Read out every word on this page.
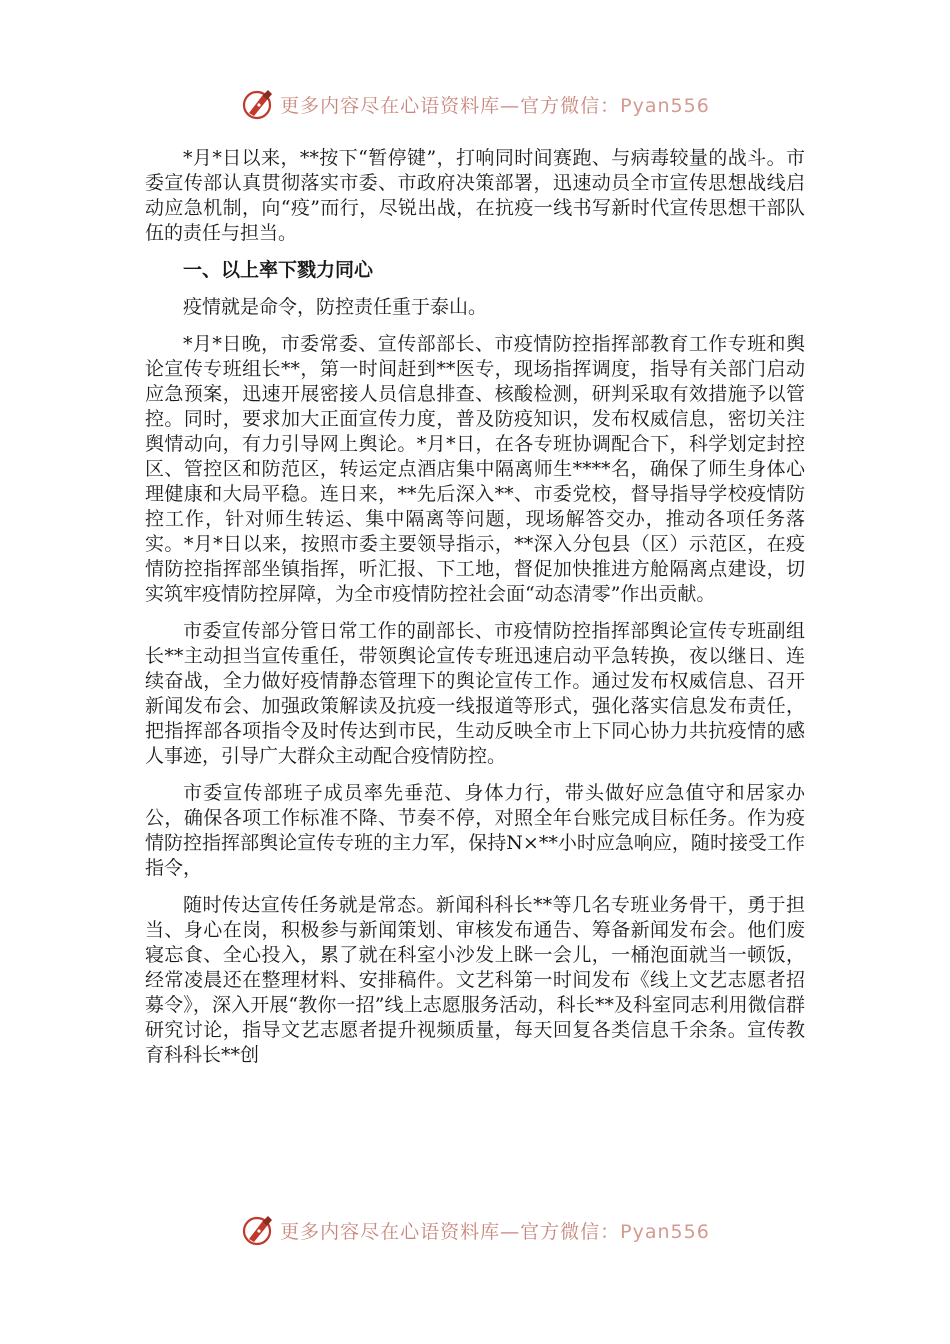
更多内容尽在心语资料库—官方微信：Pyan556

*月*日以来，**按下“暂停键”，打响同时间赛跑、与病毒较量的战斗。市委宣传部认真贯彻落实市委、市政府决策部署，迅速动员全市宣传思想战线启动应急机制，向“疫”而行，尽锐出战，在抗疫一线书写新时代宣传思想干部队伍的责任与担当。

一、以上率下戮力同心

疫情就是命令，防控责任重于泰山。

*月*日晚，市委常委、宣传部部长、市疫情防控指挥部教育工作专班和舆论宣传专班组长**，第一时间赶到**医专，现场指挥调度，指导有关部门启动应急预案，迅速开展密接人员信息排查、核酸检测，研判采取有效措施予以管控。同时，要求加大正面宣传力度，普及防疫知识，发布权威信息，密切关注舆情动向，有力引导网上舆论。*月*日，在各专班协调配合下，科学划定封控区、管控区和防范区，转运定点酒店集中隔离师生****名，确保了师生身体心理健康和大局平稳。连日来，**先后深入**、市委党校，督导指导学校疫情防控工作，针对师生转运、集中隔离等问题，现场解答交办，推动各项任务落实。*月*日以来，按照市委主要领导指示，**深入分包县（区）示范区，在疫情防控指挥部坐镇指挥，听汇报、下工地，督促加快推进方舱隔离点建设，切实筑牢疫情防控屏障，为全市疫情防控社会面“动态清零”作出贡献。

市委宣传部分管日常工作的副部长、市疫情防控指挥部舆论宣传专班副组长**主动担当宣传重任，带领舆论宣传专班迅速启动平急转换，夜以继日、连续奋战，全力做好疫情静态管理下的舆论宣传工作。通过发布权威信息、召开新闻发布会、加强政策解读及抗疫一线报道等形式，强化落实信息发布责任，把指挥部各项指令及时传达到市民，生动反映全市上下同心协力共抗疫情的感人事迹，引导广大群众主动配合疫情防控。

市委宣传部班子成员率先垂范、身体力行，带头做好应急值守和居家办公，确保各项工作标准不降、节奏不停，对照全年台账完成目标任务。作为疫情防控指挥部舆论宣传专班的主力军，保持N×**小时应急响应，随时接受工作指令，

随时传达宣传任务就是常态。新闻科科长**等几名专班业务骨干，勇于担当、身心在岗，积极参与新闻策划、审核发布通告、筹备新闻发布会。他们废寝忘食、全心投入，累了就在科室小沙发上眯一会儿，一桶泡面就当一顿饭，经常凌晨还在整理材料、安排稿件。文艺科第一时间发布《线上文艺志愿者招募令》，深入开展“教你一招”线上志愿服务活动，科长**及科室同志利用微信群研究讨论，指导文艺志愿者提升视频质量，每天回复各类信息千余条。宣传教育科科长**创

更多内容尽在心语资料库—官方微信：Pyan556
